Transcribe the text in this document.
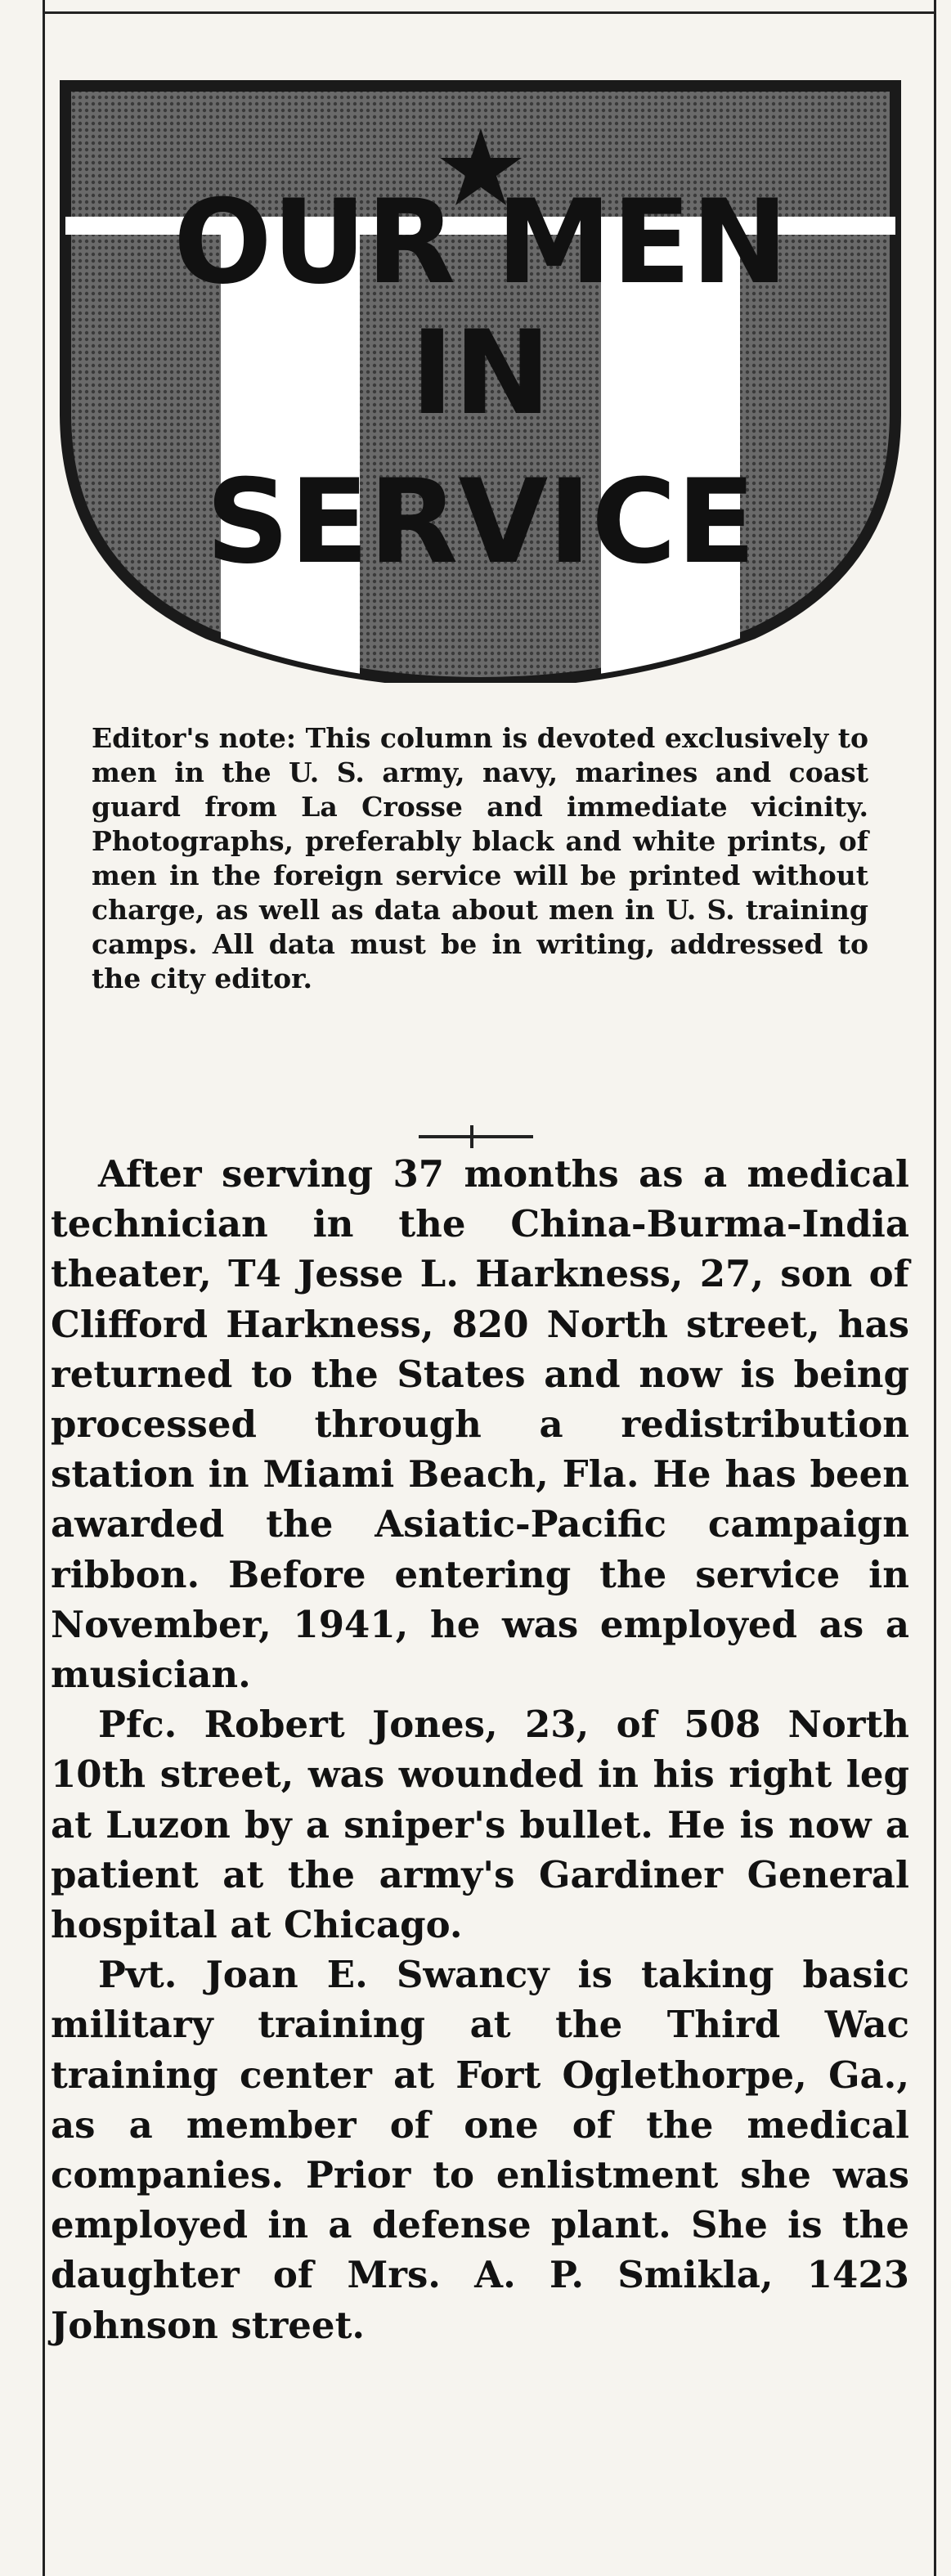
OUR MEN
IN
SERVICE
Editor's note: This column is devoted exclusively to men in the U. S. army, navy, marines and coast guard from La Crosse and immediate vicinity. Photographs, preferably black and white prints, of men in the foreign service will be printed without charge, as well as data about men in U. S. training camps. All data must be in writing, addressed to the city editor.

After serving 37 months as a medical technician in the China-Burma-India theater, T4 Jesse L. Harkness, 27, son of Clifford Harkness, 820 North street, has returned to the States and now is being processed through a redistribution station in Miami Beach, Fla. He has been awarded the Asiatic-Pacific campaign ribbon. Before entering the service in November, 1941, he was employed as a musician.

Pfc. Robert Jones, 23, of 508 North 10th street, was wounded in his right leg at Luzon by a sniper's bullet. He is now a patient at the army's Gardiner General hospital at Chicago.

Pvt. Joan E. Swancy is taking basic military training at the Third Wac training center at Fort Oglethorpe, Ga., as a member of one of the medical companies. Prior to enlistment she was employed in a defense plant. She is the daughter of Mrs. A. P. Smikla, 1423 Johnson street.
